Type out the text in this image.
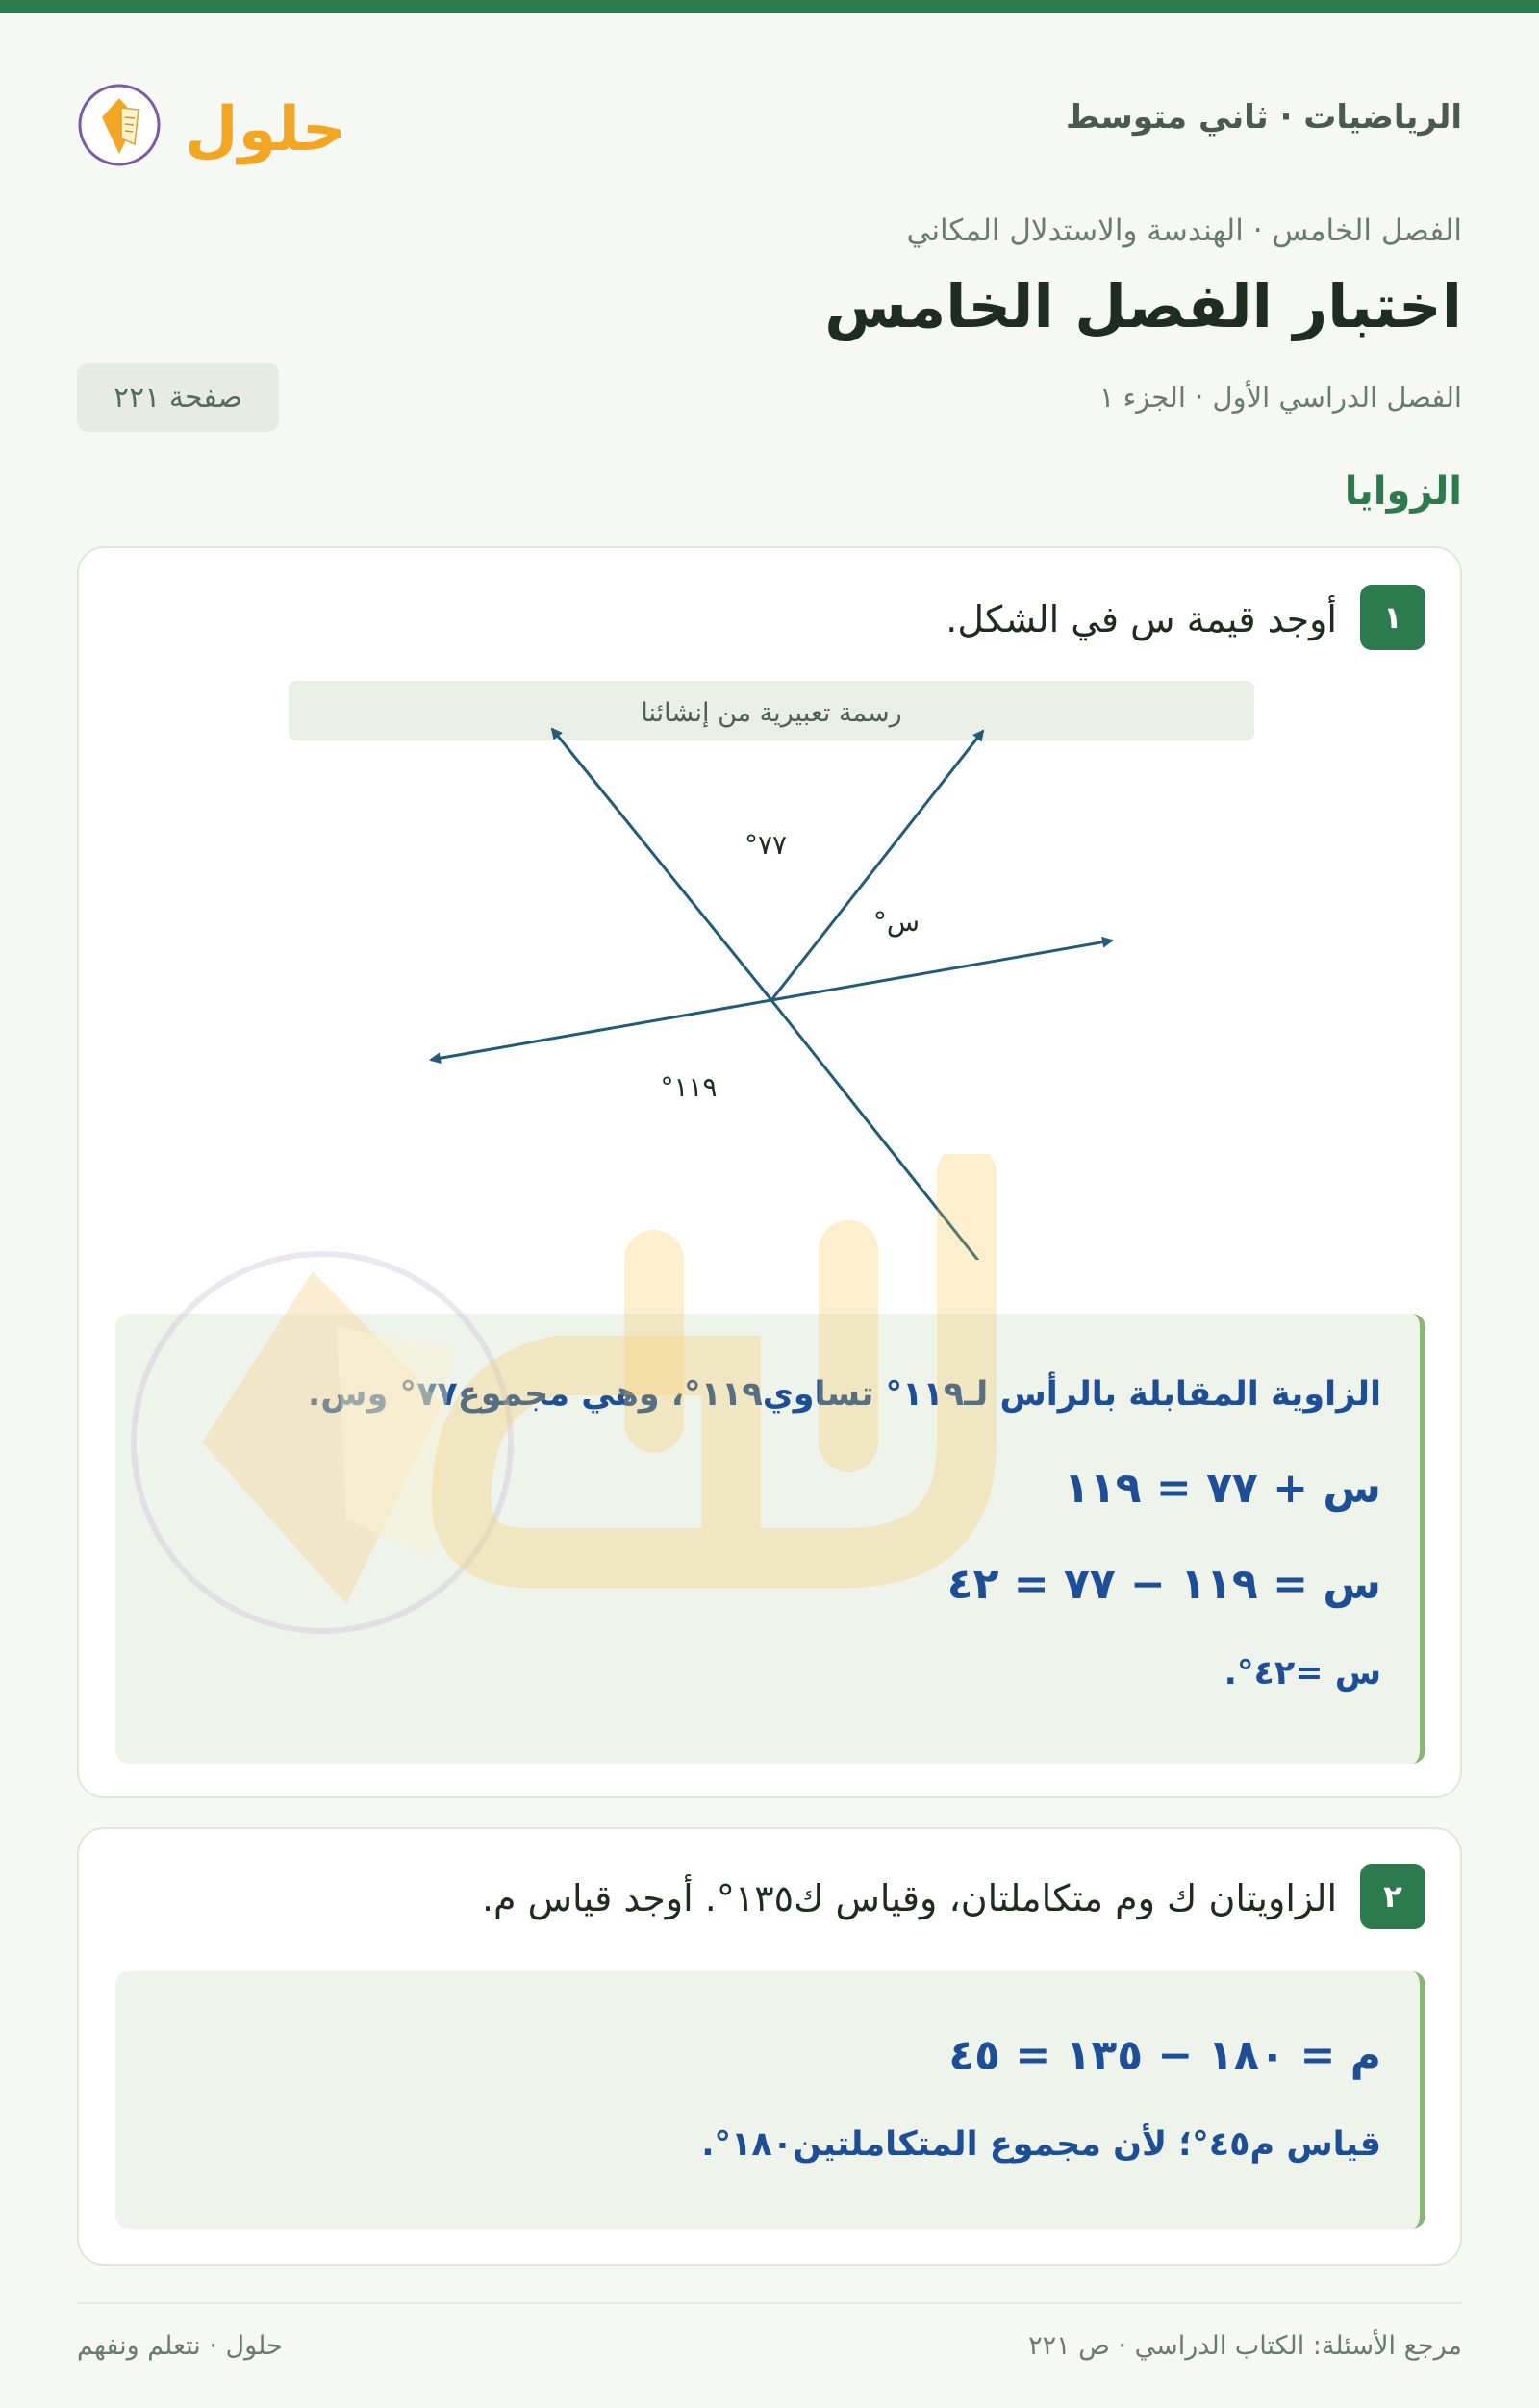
الرياضيات · ثاني متوسط
حلول
الفصل الخامس · الهندسة والاستدلال المكاني
اختبار الفصل الخامس
الفصل الدراسي الأول · الجزء ١
صفحة ٢٢١
الزوايا
١
أوجد قيمة س في الشكل.
رسمة تعبيرية من إنشائنا
٧٧°
س°
١١٩°
الزاوية المقابلة بالرأس لـ١١٩° تساوي١١٩°، وهي مجموع٧٧° وس.
س + ٧٧ = ١١٩
س = ١١٩ − ٧٧ = ٤٢
س =٤٢°.
٢
الزاويتان ك وم متكاملتان، وقياس ك١٣٥°. أوجد قياس م.
م = ١٨٠ − ١٣٥ = ٤٥
قياس م٤٥°؛ لأن مجموع المتكاملتين١٨٠°.
مرجع الأسئلة: الكتاب الدراسي · ص ٢٢١
حلول · نتعلم ونفهم
